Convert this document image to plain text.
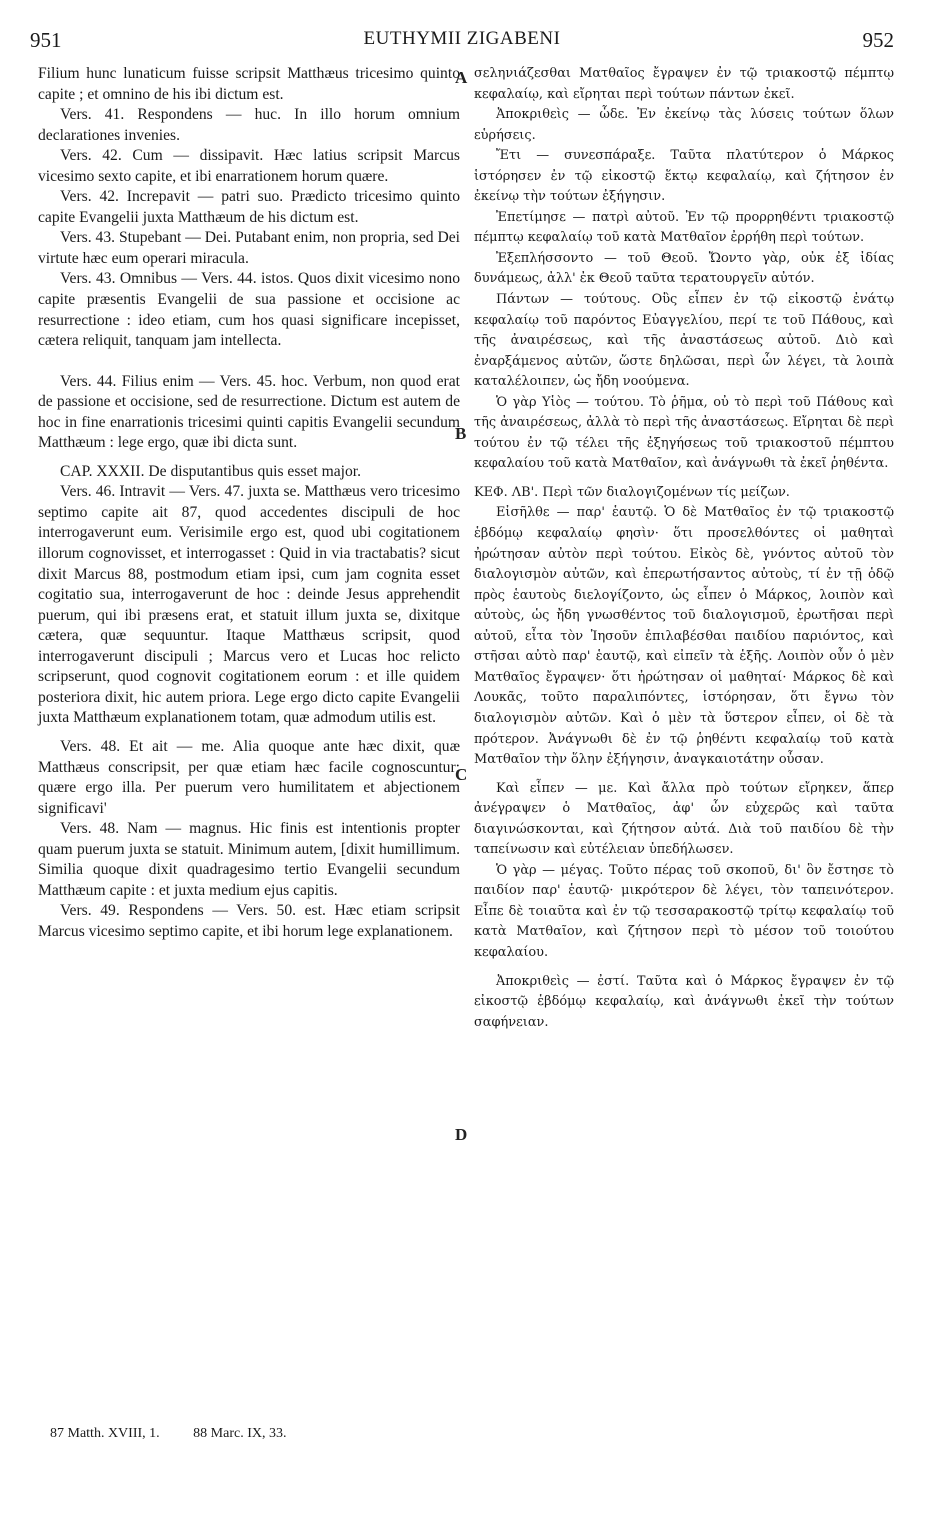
951	EUTHYMII ZIGABENI	952

Filium hunc lunaticum fuisse scripsit Matthæus tricesimo quinto capite ; et omnino de his ibi dictum est.

Vers. 41. Respondens — huc. In illo horum omnium declarationes invenies.

Vers. 42. Cum — dissipavit. Hæc latius scripsit Marcus vicesimo sexto capite, et ibi enarrationem horum quære.

Vers. 42. Increpavit — patri suo. Prædicto tricesimo quinto capite Evangelii juxta Matthæum de his dictum est.

Vers. 43. Stupebant — Dei. Putabant enim, non propria, sed Dei virtute hæc eum operari miracula.

Vers. 43. Omnibus — Vers. 44. istos. Quos dixit vicesimo nono capite præsentis Evangelii de sua passione et occisione ac resurrectione : ideo etiam, cum hos quasi significare incepisset, cætera reliquit, tanquam jam intellecta.

Vers. 44. Filius enim — Vers. 45. hoc. Verbum, non quod erat de passione et occisione, sed de resurrectione. Dictum est autem de hoc in fine enarrationis tricesimi quinti capitis Evangelii secundum Matthæum : lege ergo, quæ ibi dicta sunt.

CAP. XXXII. De disputantibus quis esset major.

Vers. 46. Intravit — Vers. 47. juxta se. Matthæus vero tricesimo septimo capite ait 87, quod accedentes discipuli de hoc interrogaverunt eum. Verisimile ergo est, quod ubi cogitationem illorum cognovisset, et interrogasset : Quid in via tractabatis? sicut dixit Marcus 88, postmodum etiam ipsi, cum jam cognita esset cogitatio sua, interrogaverunt de hoc : deinde Jesus apprehendit puerum, qui ibi præsens erat, et statuit illum juxta se, dixitque cætera, quæ sequuntur. Itaque Matthæus scripsit, quod interrogaverunt discipuli ; Marcus vero et Lucas hoc relicto scripserunt, quod cognovit cogitationem eorum : et ille quidem posteriora dixit, hic autem priora. Lege ergo dicto capite Evangelii juxta Matthæum explanationem totam, quæ admodum utilis est.

Vers. 48. Et ait — me. Alia quoque ante hæc dixit, quæ Matthæus conscripsit, per quæ etiam hæc facile cognoscuntur; quære ergo illa. Per puerum vero humilitatem et abjectionem significavi'

Vers. 48. Nam — magnus. Hic finis est intentionis propter quam puerum juxta se statuit. Minimum autem, [dixit humillimum. Similia quoque dixit quadragesimo tertio Evangelii secundum Matthæum capite : et juxta medium ejus capitis.

Vers. 49. Respondens — Vers. 50. est. Hæc etiam scripsit Marcus vicesimo septimo capite, et ibi horum lege explanationem.

A
B
C
D

σεληνιάζεσθαι Ματθαῖος ἔγραψεν ἐν τῷ τριακοστῷ πέμπτῳ κεφαλαίῳ, καὶ εἴρηται περὶ τούτων πάντων ἐκεῖ.

Ἀποκριθεὶς — ὧδε. Ἐν ἐκείνῳ τὰς λύσεις τούτων ὅλων εὑρήσεις.

Ἔτι — συνεσπάραξε. Ταῦτα πλατύτερον ὁ Μάρκος ἱστόρησεν ἐν τῷ εἰκοστῷ ἕκτῳ κεφαλαίῳ, καὶ ζήτησον ἐν ἐκείνῳ τὴν τούτων ἐξήγησιν.

Ἐπετίμησε — πατρὶ αὐτοῦ. Ἐν τῷ προρρηθέντι τριακοστῷ πέμπτῳ κεφαλαίῳ τοῦ κατὰ Ματθαῖον ἐρρήθη περὶ τούτων.

Ἐξεπλήσσοντο — τοῦ Θεοῦ. Ὤοντο γὰρ, οὐκ ἐξ ἰδίας δυνάμεως, ἀλλ' ἐκ Θεοῦ ταῦτα τερατουργεῖν αὐτόν.

Πάντων — τούτους. Οὓς εἶπεν ἐν τῷ εἰκοστῷ ἐνάτῳ κεφαλαίῳ τοῦ παρόντος Εὐαγγελίου, περί τε τοῦ Πάθους, καὶ τῆς ἀναιρέσεως, καὶ τῆς ἀναστάσεως αὐτοῦ. Διὸ καὶ ἐναρξάμενος αὐτῶν, ὥστε δηλῶσαι, περὶ ὧν λέγει, τὰ λοιπὰ καταλέλοιπεν, ὡς ἤδη νοούμενα.

Ὁ γὰρ Υἱὸς — τούτου. Τὸ ῥῆμα, οὐ τὸ περὶ τοῦ Πάθους καὶ τῆς ἀναιρέσεως, ἀλλὰ τὸ περὶ τῆς ἀναστάσεως. Εἴρηται δὲ περὶ τούτου ἐν τῷ τέλει τῆς ἐξηγήσεως τοῦ τριακοστοῦ πέμπτου κεφαλαίου τοῦ κατὰ Ματθαῖον, καὶ ἀνάγνωθι τὰ ἐκεῖ ῥηθέντα.

ΚΕΦ. ΛΒ'. Περὶ τῶν διαλογιζομένων τίς μείζων.

Εἰσῆλθε — παρ' ἑαυτῷ. Ὁ δὲ Ματθαῖος ἐν τῷ τριακοστῷ ἑβδόμῳ κεφαλαίῳ φησὶν· ὅτι προσελθόντες οἱ μαθηταὶ ἠρώτησαν αὐτὸν περὶ τούτου. Εἰκὸς δὲ, γνόντος αὐτοῦ τὸν διαλογισμὸν αὐτῶν, καὶ ἐπερωτήσαντος αὐτοὺς, τί ἐν τῇ ὁδῷ πρὸς ἑαυτοὺς διελογίζοντο, ὡς εἶπεν ὁ Μάρκος, λοιπὸν καὶ αὐτοὺς, ὡς ἤδη γνωσθέντος τοῦ διαλογισμοῦ, ἐρωτῆσαι περὶ αὐτοῦ, εἶτα τὸν Ἰησοῦν ἐπιλαβέσθαι παιδίου παριόντος, καὶ στῆσαι αὐτὸ παρ' ἑαυτῷ, καὶ εἰπεῖν τὰ ἑξῆς. Λοιπὸν οὖν ὁ μὲν Ματθαῖος ἔγραψεν· ὅτι ἠρώτησαν οἱ μαθηταί· Μάρκος δὲ καὶ Λουκᾶς, τοῦτο παραλιπόντες, ἱστόρησαν, ὅτι ἔγνω τὸν διαλογισμὸν αὐτῶν. Καὶ ὁ μὲν τὰ ὕστερον εἶπεν, οἱ δὲ τὰ πρότερον. Ἀνάγνωθι δὲ ἐν τῷ ῥηθέντι κεφαλαίῳ τοῦ κατὰ Ματθαῖον τὴν ὅλην ἐξήγησιν, ἀναγκαιοτάτην οὖσαν.

Καὶ εἶπεν — με. Καὶ ἄλλα πρὸ τούτων εἴρηκεν, ἅπερ ἀνέγραψεν ὁ Ματθαῖος, ἀφ' ὧν εὐχερῶς καὶ ταῦτα διαγινώσκονται, καὶ ζήτησον αὐτά. Διὰ τοῦ παιδίου δὲ τὴν ταπείνωσιν καὶ εὐτέλειαν ὑπεδήλωσεν.

Ὁ γὰρ — μέγας. Τοῦτο πέρας τοῦ σκοποῦ, δι' ὃν ἔστησε τὸ παιδίον παρ' ἑαυτῷ· μικρότερον δὲ λέγει, τὸν ταπεινότερον. Εἶπε δὲ τοιαῦτα καὶ ἐν τῷ τεσσαρακοστῷ τρίτῳ κεφαλαίῳ τοῦ κατὰ Ματθαῖον, καὶ ζήτησον περὶ τὸ μέσον τοῦ τοιούτου κεφαλαίου.

Ἀποκριθεὶς — ἐστί. Ταῦτα καὶ ὁ Μάρκος ἔγραψεν ἐν τῷ εἰκοστῷ ἑβδόμῳ κεφαλαίῳ, καὶ ἀνάγνωθι ἐκεῖ τὴν τούτων σαφήνειαν.

87 Matth. XVIII, 1. 88 Marc. IX, 33.
